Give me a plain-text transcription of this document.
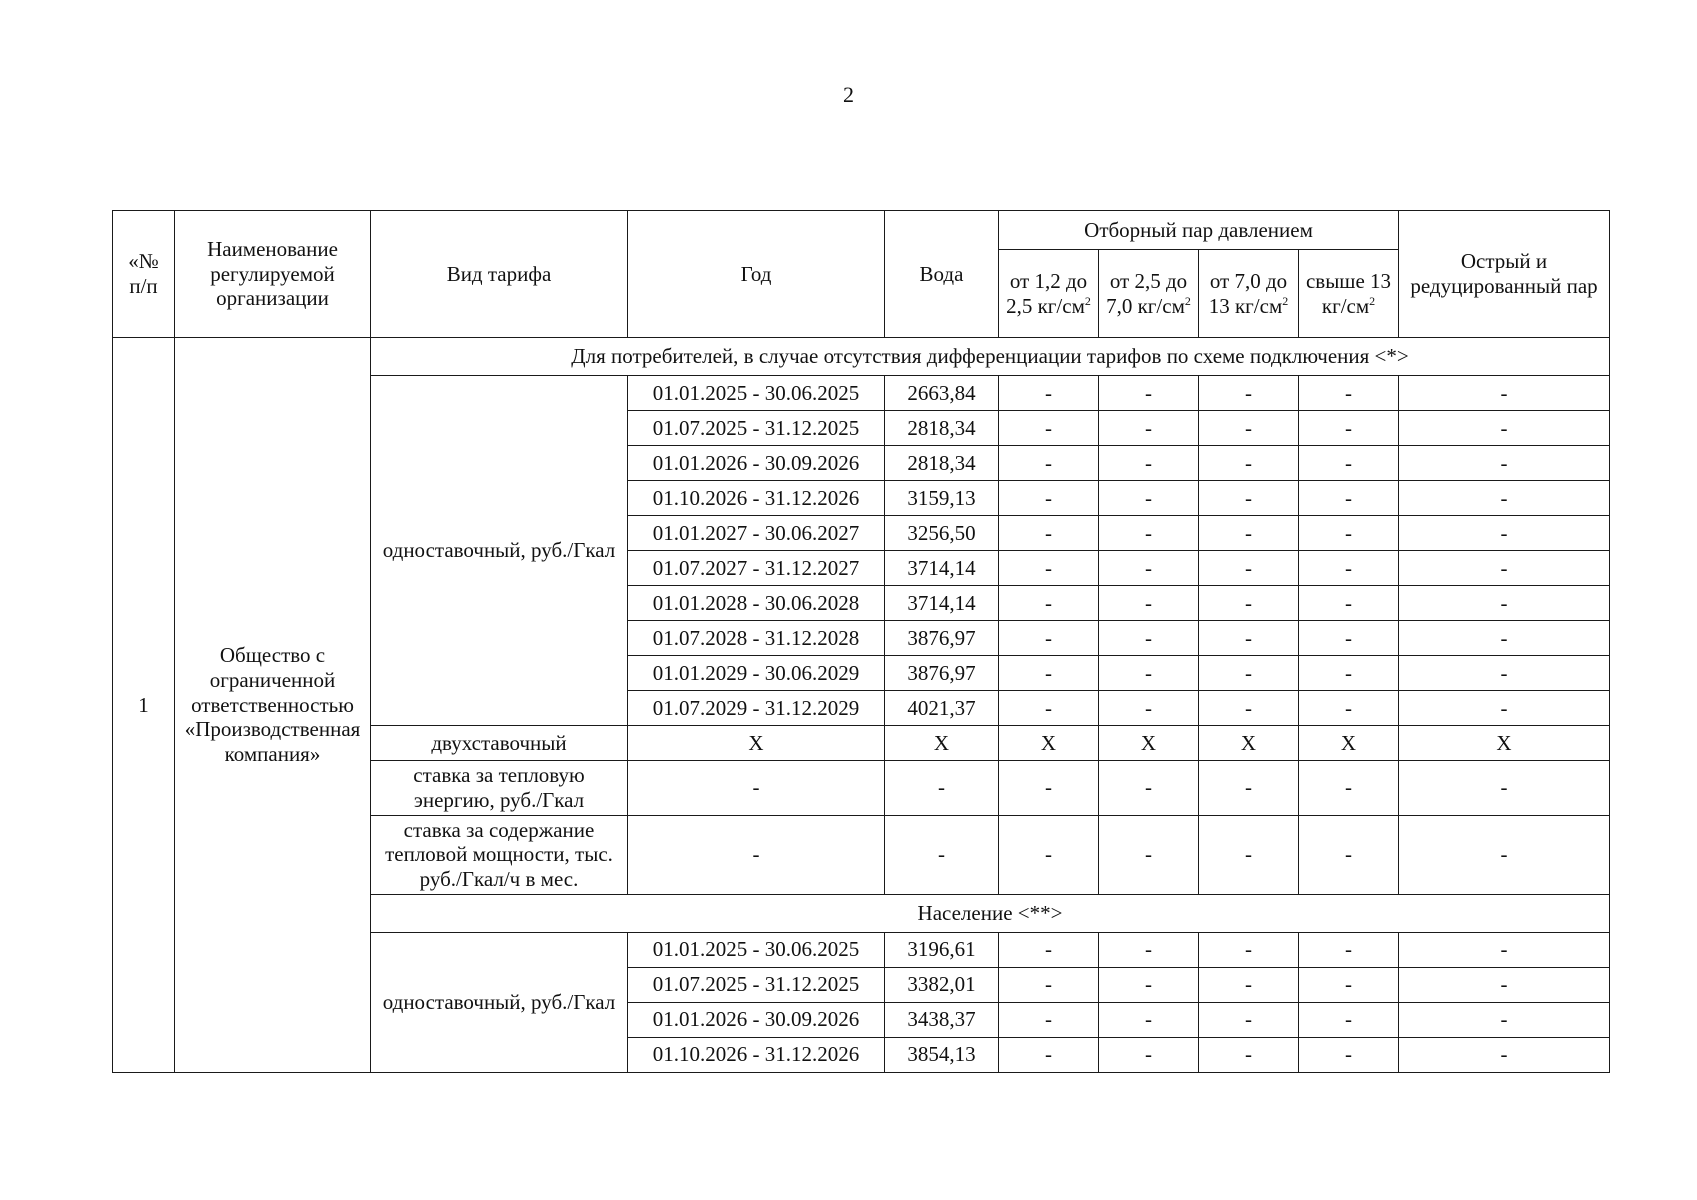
2
«№ п/п	Наименование регулируемой организации	Вид тарифа	Год	Вода	Отборный пар давлением				Острый и редуцированный пар
					от 1,2 до 2,5 $кг/см^2$	от 2,5 до 7,0 $кг/см^2$	от 7,0 до 13 $кг/см^2$	свыше 13 $кг/см^2$
1	Общество с ограниченной ответственностью «Производственная компания»	Для потребителей, в случае отсутствия дифференциации тарифов по схеме подключения <*>							
		одноставочный, руб./Гкал	01.01.2025 - 30.06.2025	2663,84	-	-	-	-	-
			01.07.2025 - 31.12.2025	2818,34	-	-	-	-	-
			01.01.2026 - 30.09.2026	2818,34	-	-	-	-	-
			01.10.2026 - 31.12.2026	3159,13	-	-	-	-	-
			01.01.2027 - 30.06.2027	3256,50	-	-	-	-	-
			01.07.2027 - 31.12.2027	3714,14	-	-	-	-	-
			01.01.2028 - 30.06.2028	3714,14	-	-	-	-	-
			01.07.2028 - 31.12.2028	3876,97	-	-	-	-	-
			01.01.2029 - 30.06.2029	3876,97	-	-	-	-	-
			01.07.2029 - 31.12.2029	4021,37	-	-	-	-	-
		двухставочный	Х	Х	Х	Х	Х	Х	Х
		ставка за тепловую энергию, руб./Гкал	-	-	-	-	-	-	-
		ставка за содержание тепловой мощности, тыс. руб./Гкал/ч в мес.	-	-	-	-	-	-	-
		Население <**>							
		одноставочный, руб./Гкал	01.01.2025 - 30.06.2025	3196,61	-	-	-	-	-
			01.07.2025 - 31.12.2025	3382,01	-	-	-	-	-
			01.01.2026 - 30.09.2026	3438,37	-	-	-	-	-
			01.10.2026 - 31.12.2026	3854,13	-	-	-	-	-
